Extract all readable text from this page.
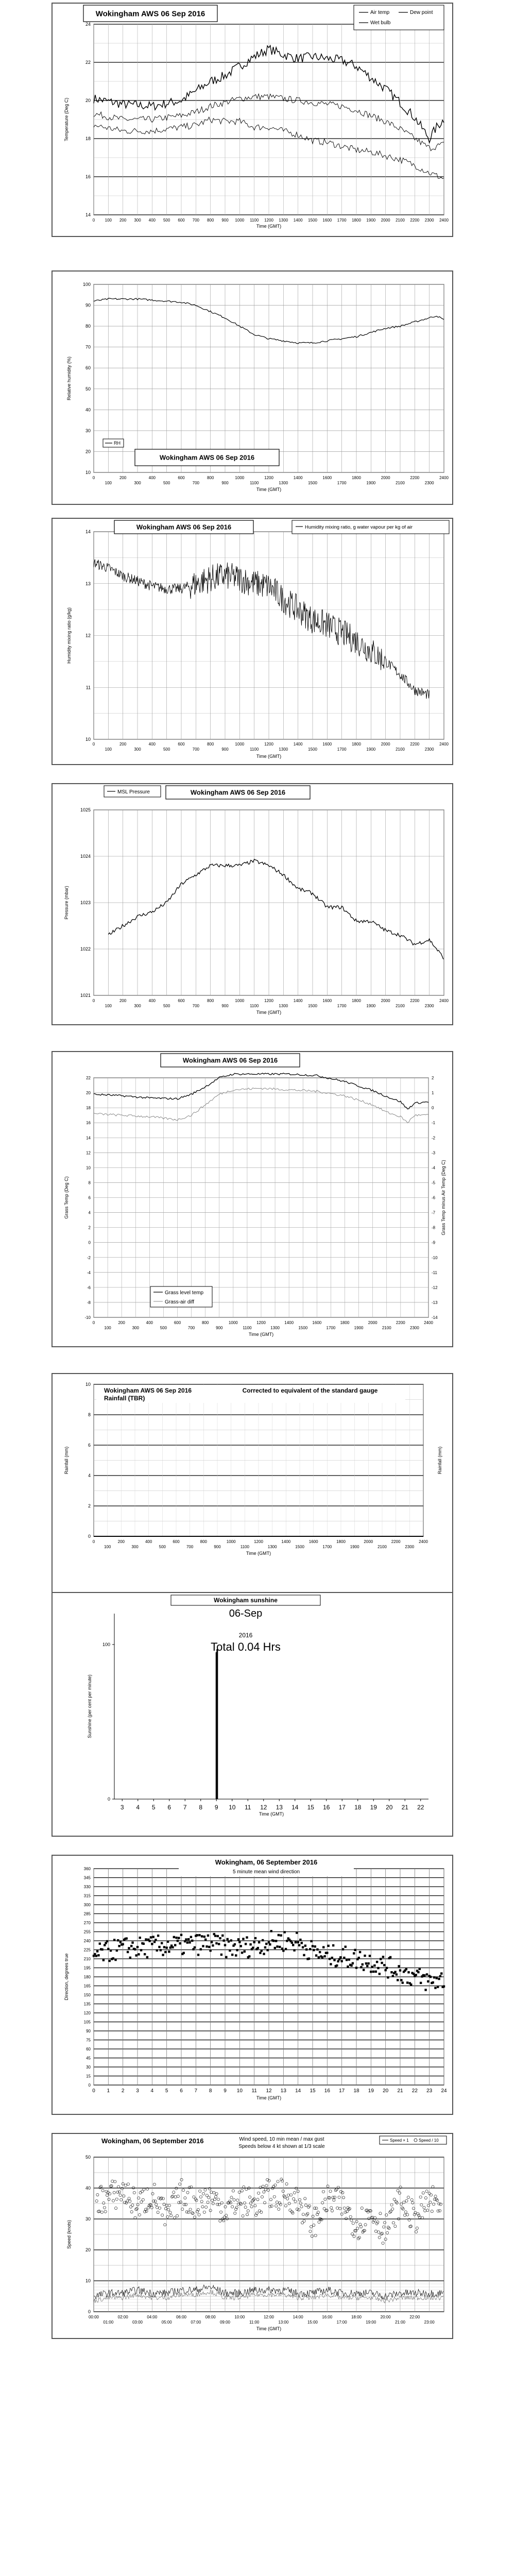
14
16
18
20
22
24
0 100 200 300 400 500 600 700 800 900 1000 1100 1200 1300 1400 1500 1600 1700 1800 1900 2000 2100 2200 2300 2400
Time (GMT)
Temperature (Deg C)
Wokingham AWS 06 Sep 2016	Air temp	Dew point
Wet bulb
10
20
30
40
50
60
70
80
90
100
0	200	400	600	800	1000	1200	1400	1600	1800	2000	2200	2400
100	300	500	700	900	1100	1300	1500	1700	1900	2100	2300
Time (GMT)
Relative humidity (%)
RH
Wokingham AWS 06 Sep 2016
10
11
12
13
14
0
100
200
300
400
500
600
700
800
900
1000
1100
1200
1300
1400
1500
1600
1700
1800
1900
2000
2100
2200
2300
2400
Time (GMT)
Humidity mixing ratio (g/kg)
Wokingham AWS 06 Sep 2016	Humidity mixing ratio, g water vapour per kg of air
1021
1022
1023
1024
1025
0	200	400	600	800	1000	1200	1400	1600	1800	2000	2200	2400
100	300	500	700	900	1100	1300	1500	1700	1900	2100	2300
Time (GMT)
Pressure (mbar)
MSL Pressure	Wokingham AWS 06 Sep 2016
-10
-8
-6
-4
-2
0
2
4
6
8
10
12
14
16
18
20
22
-14
-13
-12
-11
-10
-9
-8
-7
-6
-5
-4
-3
-2
-1
0
1
2
0	200	400	600	800	1000	1200	1400	1600	1800	2000	2200	2400
100	300	500	700	900	1100	1300	1500	1700	1900	2100	2300
Time (GMT)
Grass Temp (Deg C)	Grass Temp minus Air Temp (Deg C)
Wokingham AWS 06 Sep 2016
Grass level temp
Grass-air diff
0
2
4
6
8
10
0	200	400	600	800	1000	1200	1400	1600	1800	2000	2200	2400
100	300	500	700	900	1100	1300	1500	1700	1900	2100	2300
Time (GMT)
Rainfall (mm)	Rainfall (mm)
Wokingham AWS 06 Sep 2016
Rainfall (TBR)
Corrected to equivalent of the standard gauge
0
100
3 4 5 6 7 8 9 10 11 12 13 14 15 16 17 18 19 20 21 22
Time (GMT)
Sunshine (per cent per minute)
Wokingham sunshine
06-Sep
2016
Total 0.04 Hrs
0
15
30
45
60
75
90
105
120
135
150
165
180
195
210
225
240
255
270
285
300
315
330
345
360
0 1 2 3 4 5 6 7 8 9 10 11 12 13 14 15 16 17 18 19 20 21 22 23 24
Time (GMT)
Direction, degrees true
Wokingham, 06 September 2016
5 minute mean wind direction
0
10
20
30
40
50
00:00	02:00	04:00	06:00	08:00	10:00	12:00	14:00	16:00	18:00	20:00	22:00
01:00	03:00	05:00	07:00	09:00	11:00	13:00	15:00	17:00	19:00	21:00	23:00
Time (GMT)
Speed (knots)
Wokingham, 06 September 2016	Wind speed, 10 min mean / max gust
Speeds below 4 kt shown at 1/3 scale
Speed × 1 Speed / 10
